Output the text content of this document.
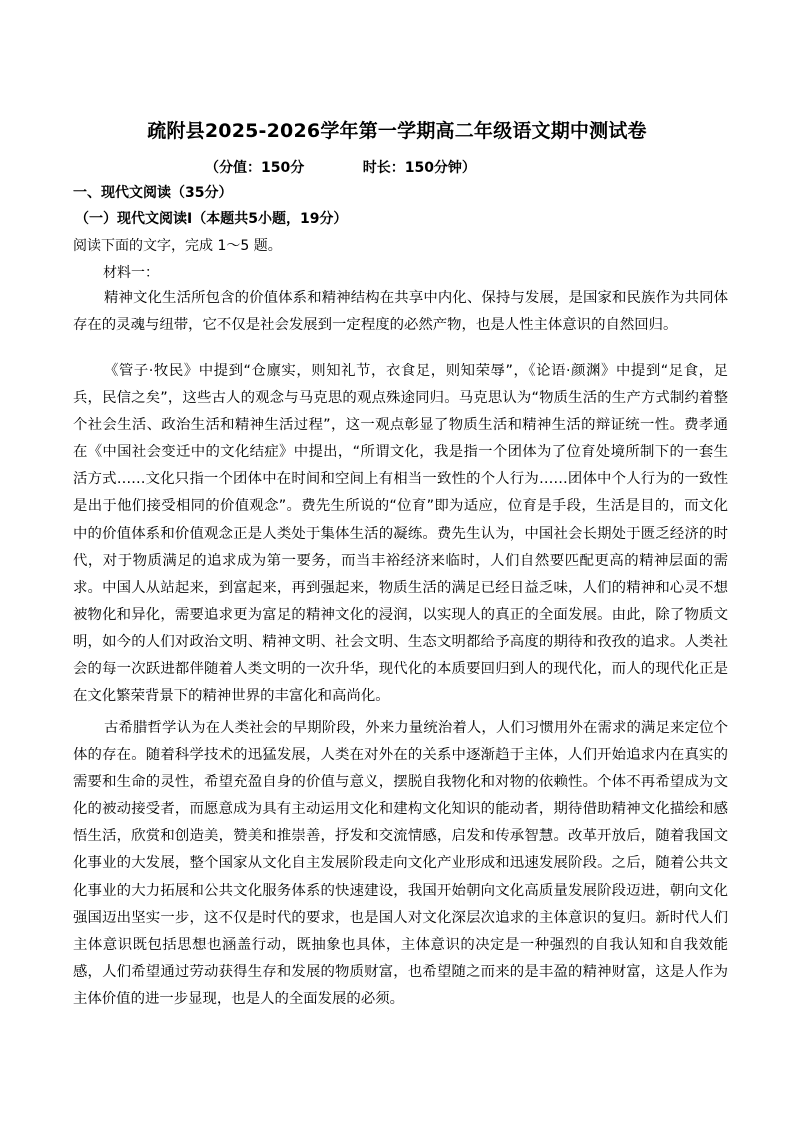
疏附县2025-2026学年第一学期高二年级语文期中测试卷
（分值：150分            时长：150分钟）
一、现代文阅读（35分）
（一）现代文阅读Ⅰ（本题共5小题，19分）
阅读下面的文字，完成 1～5 题。
材料一：

精神文化生活所包含的价值体系和精神结构在共享中内化、保持与发展，是国家和民族作为共同体存在的灵魂与纽带，它不仅是社会发展到一定程度的必然产物，也是人性主体意识的自然回归。

《管子·牧民》中提到“仓廪实，则知礼节，衣食足，则知荣辱”，《论语·颜渊》中提到“足食，足兵，民信之矣”，这些古人的观念与马克思的观点殊途同归。马克思认为“物质生活的生产方式制约着整个社会生活、政治生活和精神生活过程”，这一观点彰显了物质生活和精神生活的辩证统一性。费孝通在《中国社会变迁中的文化结症》中提出，“所谓文化，我是指一个团体为了位育处境所制下的一套生活方式……文化只指一个团体中在时间和空间上有相当一致性的个人行为……团体中个人行为的一致性是出于他们接受相同的价值观念”。费先生所说的“位育”即为适应，位育是手段，生活是目的，而文化中的价值体系和价值观念正是人类处于集体生活的凝练。费先生认为，中国社会长期处于匮乏经济的时代，对于物质满足的追求成为第一要务，而当丰裕经济来临时，人们自然要匹配更高的精神层面的需求。中国人从站起来，到富起来，再到强起来，物质生活的满足已经日益乏味，人们的精神和心灵不想被物化和异化，需要追求更为富足的精神文化的浸润，以实现人的真正的全面发展。由此，除了物质文明，如今的人们对政治文明、精神文明、社会文明、生态文明都给予高度的期待和孜孜的追求。人类社会的每一次跃进都伴随着人类文明的一次升华，现代化的本质要回归到人的现代化，而人的现代化正是在文化繁荣背景下的精神世界的丰富化和高尚化。

古希腊哲学认为在人类社会的早期阶段，外来力量统治着人，人们习惯用外在需求的满足来定位个体的存在。随着科学技术的迅猛发展，人类在对外在的关系中逐渐趋于主体，人们开始追求内在真实的需要和生命的灵性，希望充盈自身的价值与意义，摆脱自我物化和对物的依赖性。个体不再希望成为文化的被动接受者，而愿意成为具有主动运用文化和建构文化知识的能动者，期待借助精神文化描绘和感悟生活，欣赏和创造美，赞美和推崇善，抒发和交流情感，启发和传承智慧。改革开放后，随着我国文化事业的大发展，整个国家从文化自主发展阶段走向文化产业形成和迅速发展阶段。之后，随着公共文化事业的大力拓展和公共文化服务体系的快速建设，我国开始朝向文化高质量发展阶段迈进，朝向文化强国迈出坚实一步，这不仅是时代的要求，也是国人对文化深层次追求的主体意识的复归。新时代人们主体意识既包括思想也涵盖行动，既抽象也具体，主体意识的决定是一种强烈的自我认知和自我效能感，人们希望通过劳动获得生存和发展的物质财富，也希望随之而来的是丰盈的精神财富，这是人作为主体价值的进一步显现，也是人的全面发展的必须。
